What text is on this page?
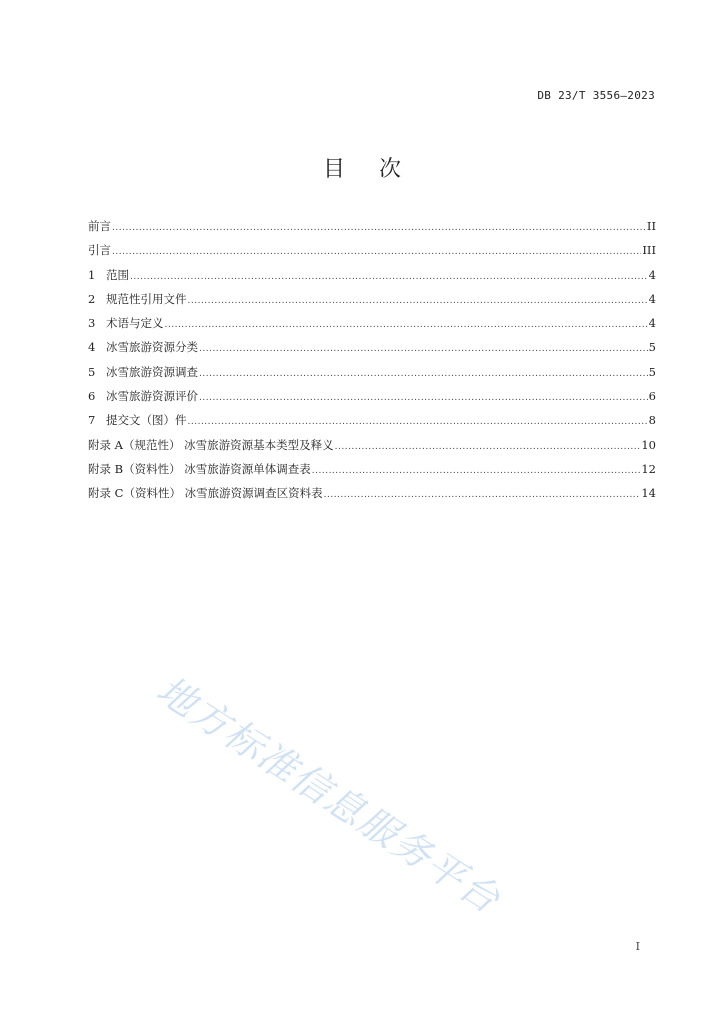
DB 23/T 3556—2023
目次
前言 .....	II
引言 .....	III
1 范围 .....	4
2 规范性引用文件 .....	4
3 术语与定义 .....	4
4 冰雪旅游资源分类 .....	5
5 冰雪旅游资源调查 .....	5
6 冰雪旅游资源评价 .....	6
7 提交文（图）件 .....	8
附录 A（规范性） 冰雪旅游资源基本类型及释义 .....	10
附录 B（资料性） 冰雪旅游资源单体调查表 .....	12
附录 C（资料性） 冰雪旅游资源调查区资料表 .....	14
地方标准信息服务平台
I
